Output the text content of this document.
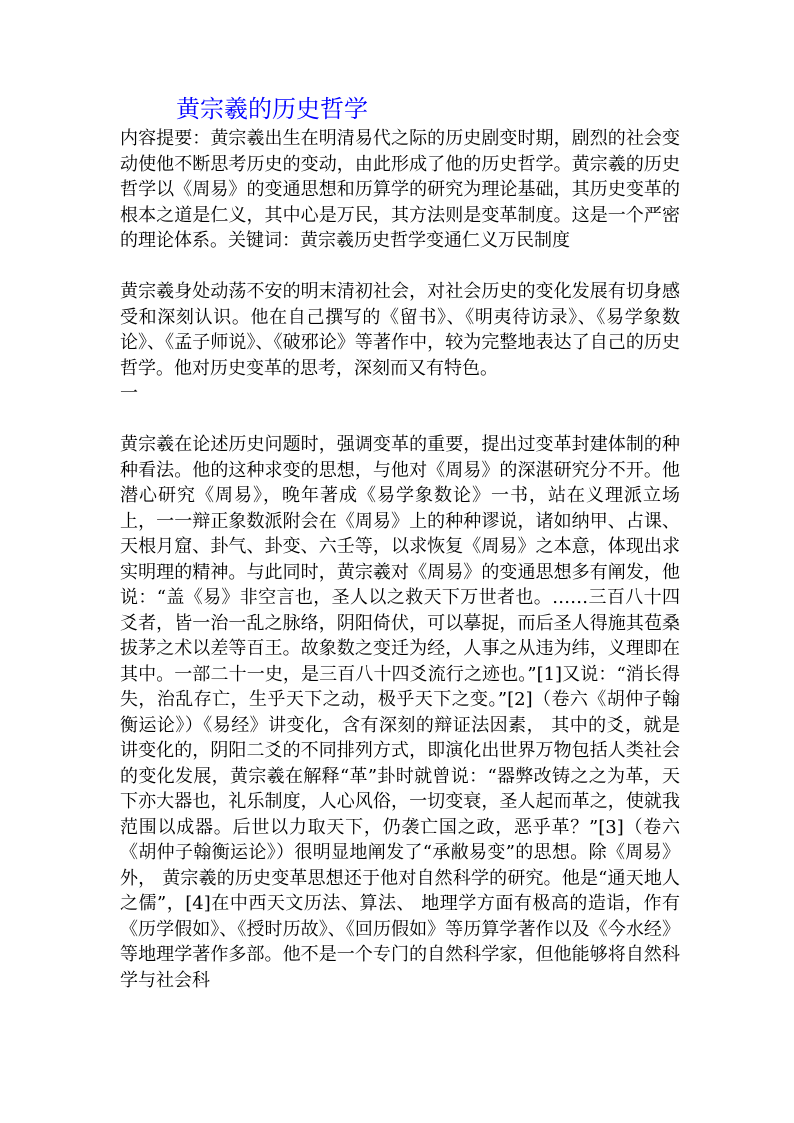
黄宗羲的历史哲学

内容提要：黄宗羲出生在明清易代之际的历史剧变时期，剧烈的社会变动使他不断思考历史的变动，由此形成了他的历史哲学。黄宗羲的历史哲学以《周易》的变通思想和历算学的研究为理论基础，其历史变革的根本之道是仁义，其中心是万民，其方法则是变革制度。这是一个严密的理论体系。关键词：黄宗羲历史哲学变通仁义万民制度

黄宗羲身处动荡不安的明末清初社会，对社会历史的变化发展有切身感受和深刻认识。他在自己撰写的《留书》、《明夷待访录》、《易学象数论》、《孟子师说》、《破邪论》等著作中，较为完整地表达了自己的历史哲学。他对历史变革的思考，深刻而又有特色。

一

黄宗羲在论述历史问题时，强调变革的重要，提出过变革封建体制的种种看法。他的这种求变的思想，与他对《周易》的深湛研究分不开。他潜心研究《周易》，晚年著成《易学象数论》一书，站在义理派立场上，一一辩正象数派附会在《周易》上的种种谬说，诸如纳甲、占课、天根月窟、卦气、卦变、六壬等，以求恢复《周易》之本意，体现出求实明理的精神。与此同时，黄宗羲对《周易》的变通思想多有阐发，他说：“盖《易》非空言也，圣人以之救天下万世者也。……三百八十四爻者，皆一治一乱之脉络，阴阳倚伏，可以摹捉，而后圣人得施其苞桑拔茅之术以差等百王。故象数之变迁为经，人事之从违为纬，义理即在其中。一部二十一史，是三百八十四爻流行之迹也。”[1]又说：“消长得失，治乱存亡，生乎天下之动，极乎天下之变。”[2]（卷六《胡仲子翰衡运论》）《易经》讲变化，含有深刻的辩证法因素， 其中的爻，就是讲变化的，阴阳二爻的不同排列方式，即演化出世界万物包括人类社会的变化发展，黄宗羲在解释“革”卦时就曾说：“器弊改铸之之为革，天下亦大器也，礼乐制度，人心风俗，一切变衰，圣人起而革之，使就我范围以成器。后世以力取天下，仍袭亡国之政，恶乎革？”[3]（卷六《胡仲子翰衡运论》）很明显地阐发了“承敝易变”的思想。除《周易》外， 黄宗羲的历史变革思想还于他对自然科学的研究。他是“通天地人之儒”，[4]在中西天文历法、算法、 地理学方面有极高的造诣，作有《历学假如》、《授时历故》、《回历假如》等历算学著作以及《今水经》等地理学著作多部。他不是一个专门的自然科学家，但他能够将自然科学与社会科
